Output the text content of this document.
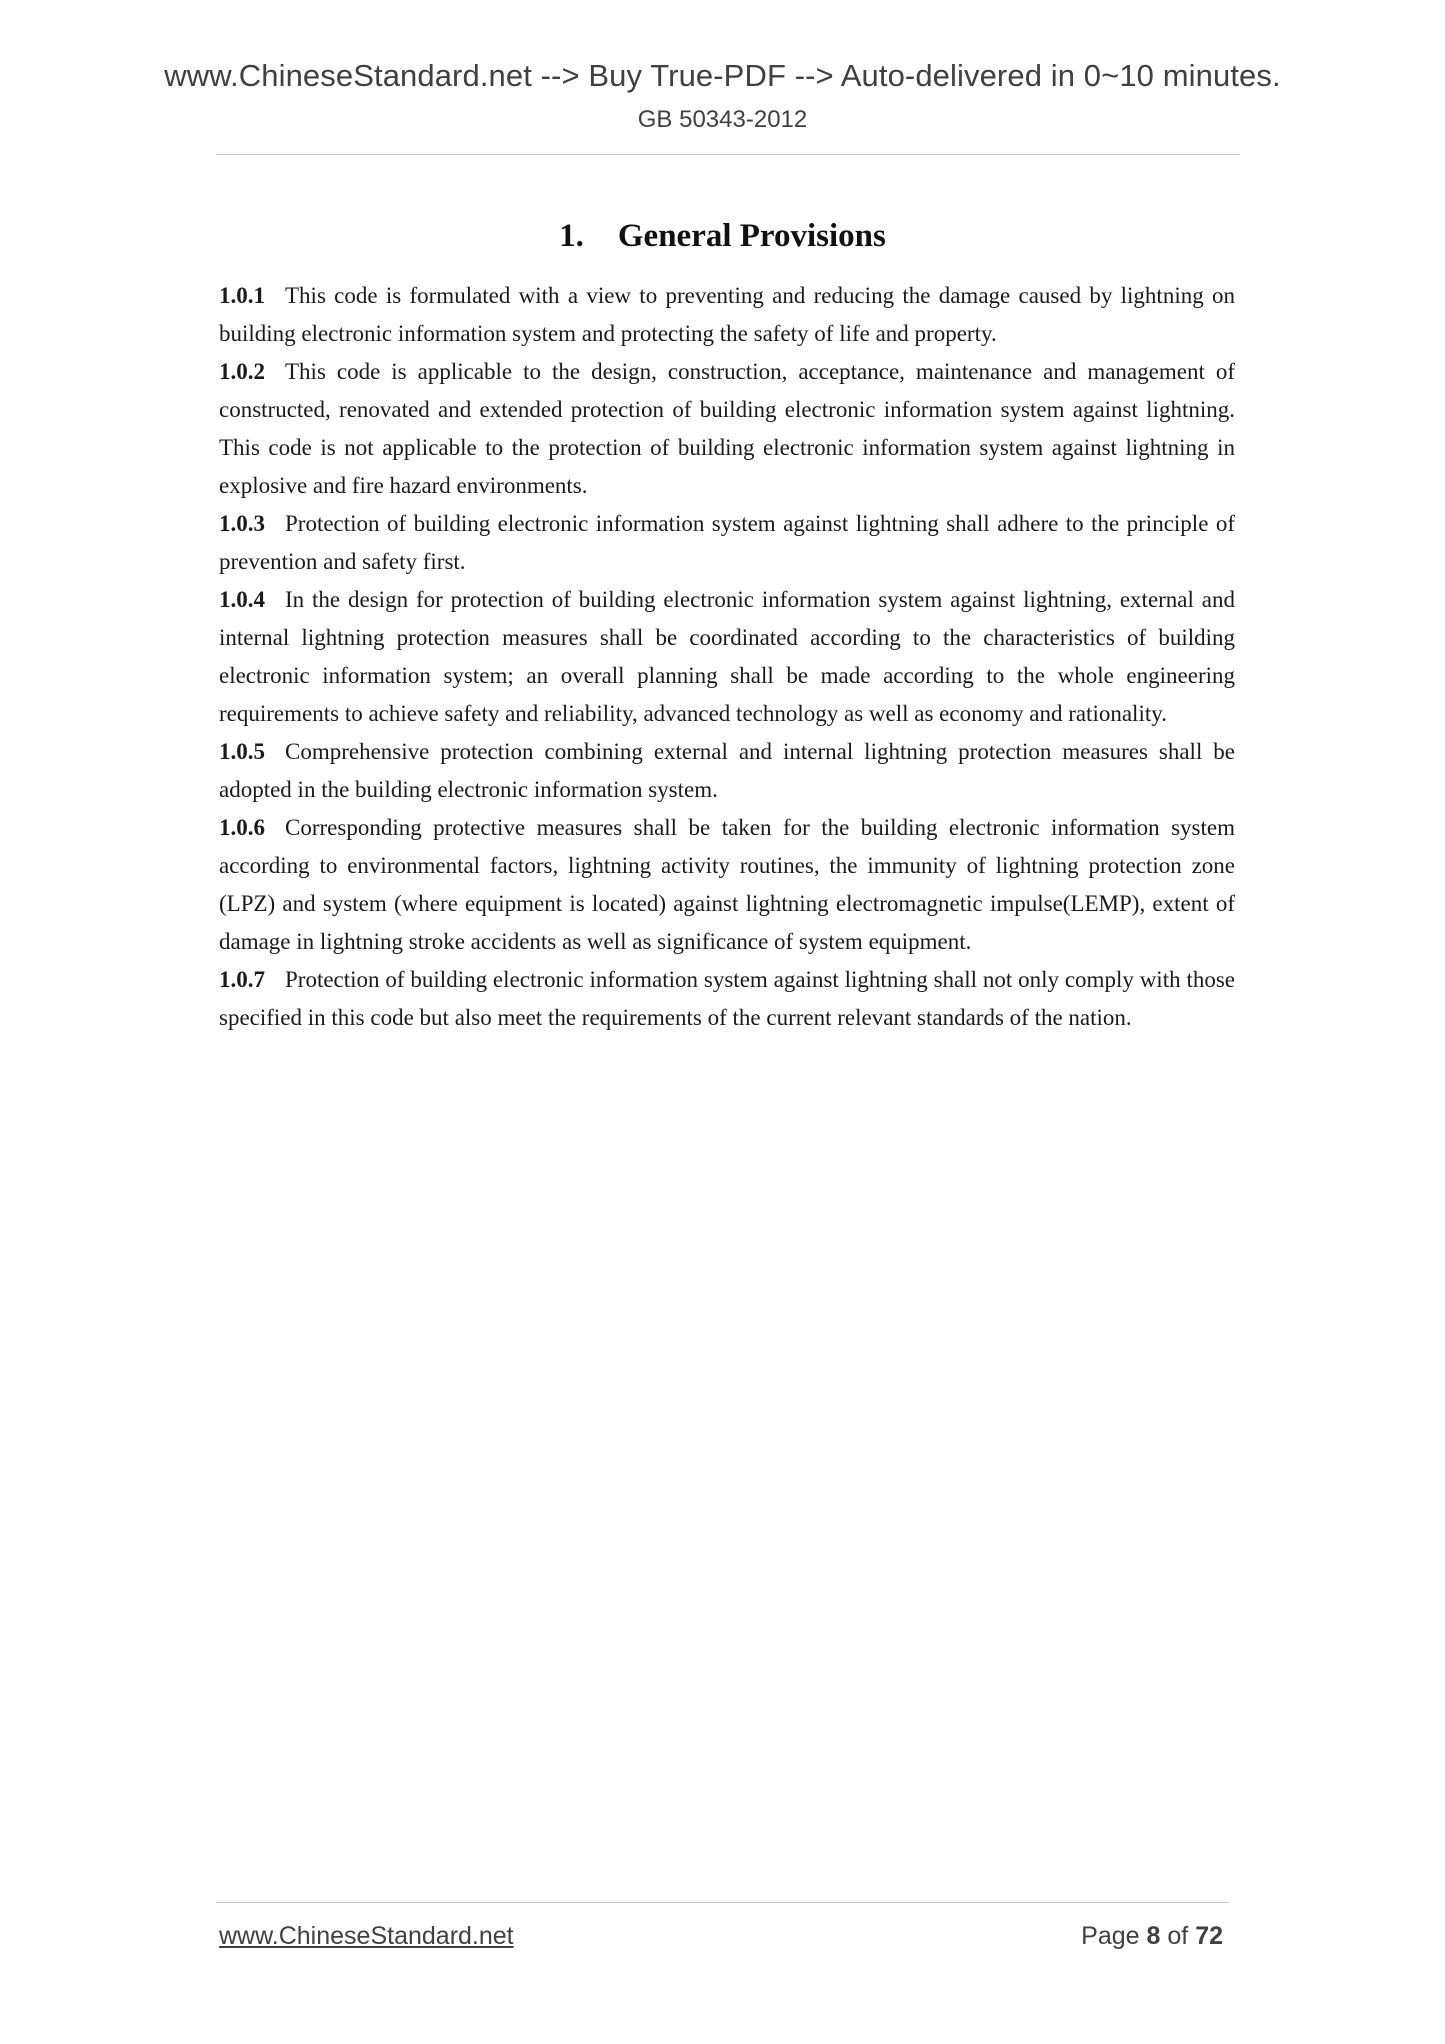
www.ChineseStandard.net --> Buy True-PDF --> Auto-delivered in 0~10 minutes.
GB 50343-2012
1. General Provisions

1.0.1 This code is formulated with a view to preventing and reducing the damage caused by lightning on building electronic information system and protecting the safety of life and property.

1.0.2 This code is applicable to the design, construction, acceptance, maintenance and management of constructed, renovated and extended protection of building electronic information system against lightning. This code is not applicable to the protection of building electronic information system against lightning in explosive and fire hazard environments.

1.0.3 Protection of building electronic information system against lightning shall adhere to the principle of prevention and safety first.

1.0.4 In the design for protection of building electronic information system against lightning, external and internal lightning protection measures shall be coordinated according to the characteristics of building electronic information system; an overall planning shall be made according to the whole engineering requirements to achieve safety and reliability, advanced technology as well as economy and rationality.

1.0.5 Comprehensive protection combining external and internal lightning protection measures shall be adopted in the building electronic information system.

1.0.6 Corresponding protective measures shall be taken for the building electronic information system according to environmental factors, lightning activity routines, the immunity of lightning protection zone (LPZ) and system (where equipment is located) against lightning electromagnetic impulse(LEMP), extent of damage in lightning stroke accidents as well as significance of system equipment.

1.0.7 Protection of building electronic information system against lightning shall not only comply with those specified in this code but also meet the requirements of the current relevant standards of the nation.

www.ChineseStandard.net	Page 8 of 72
